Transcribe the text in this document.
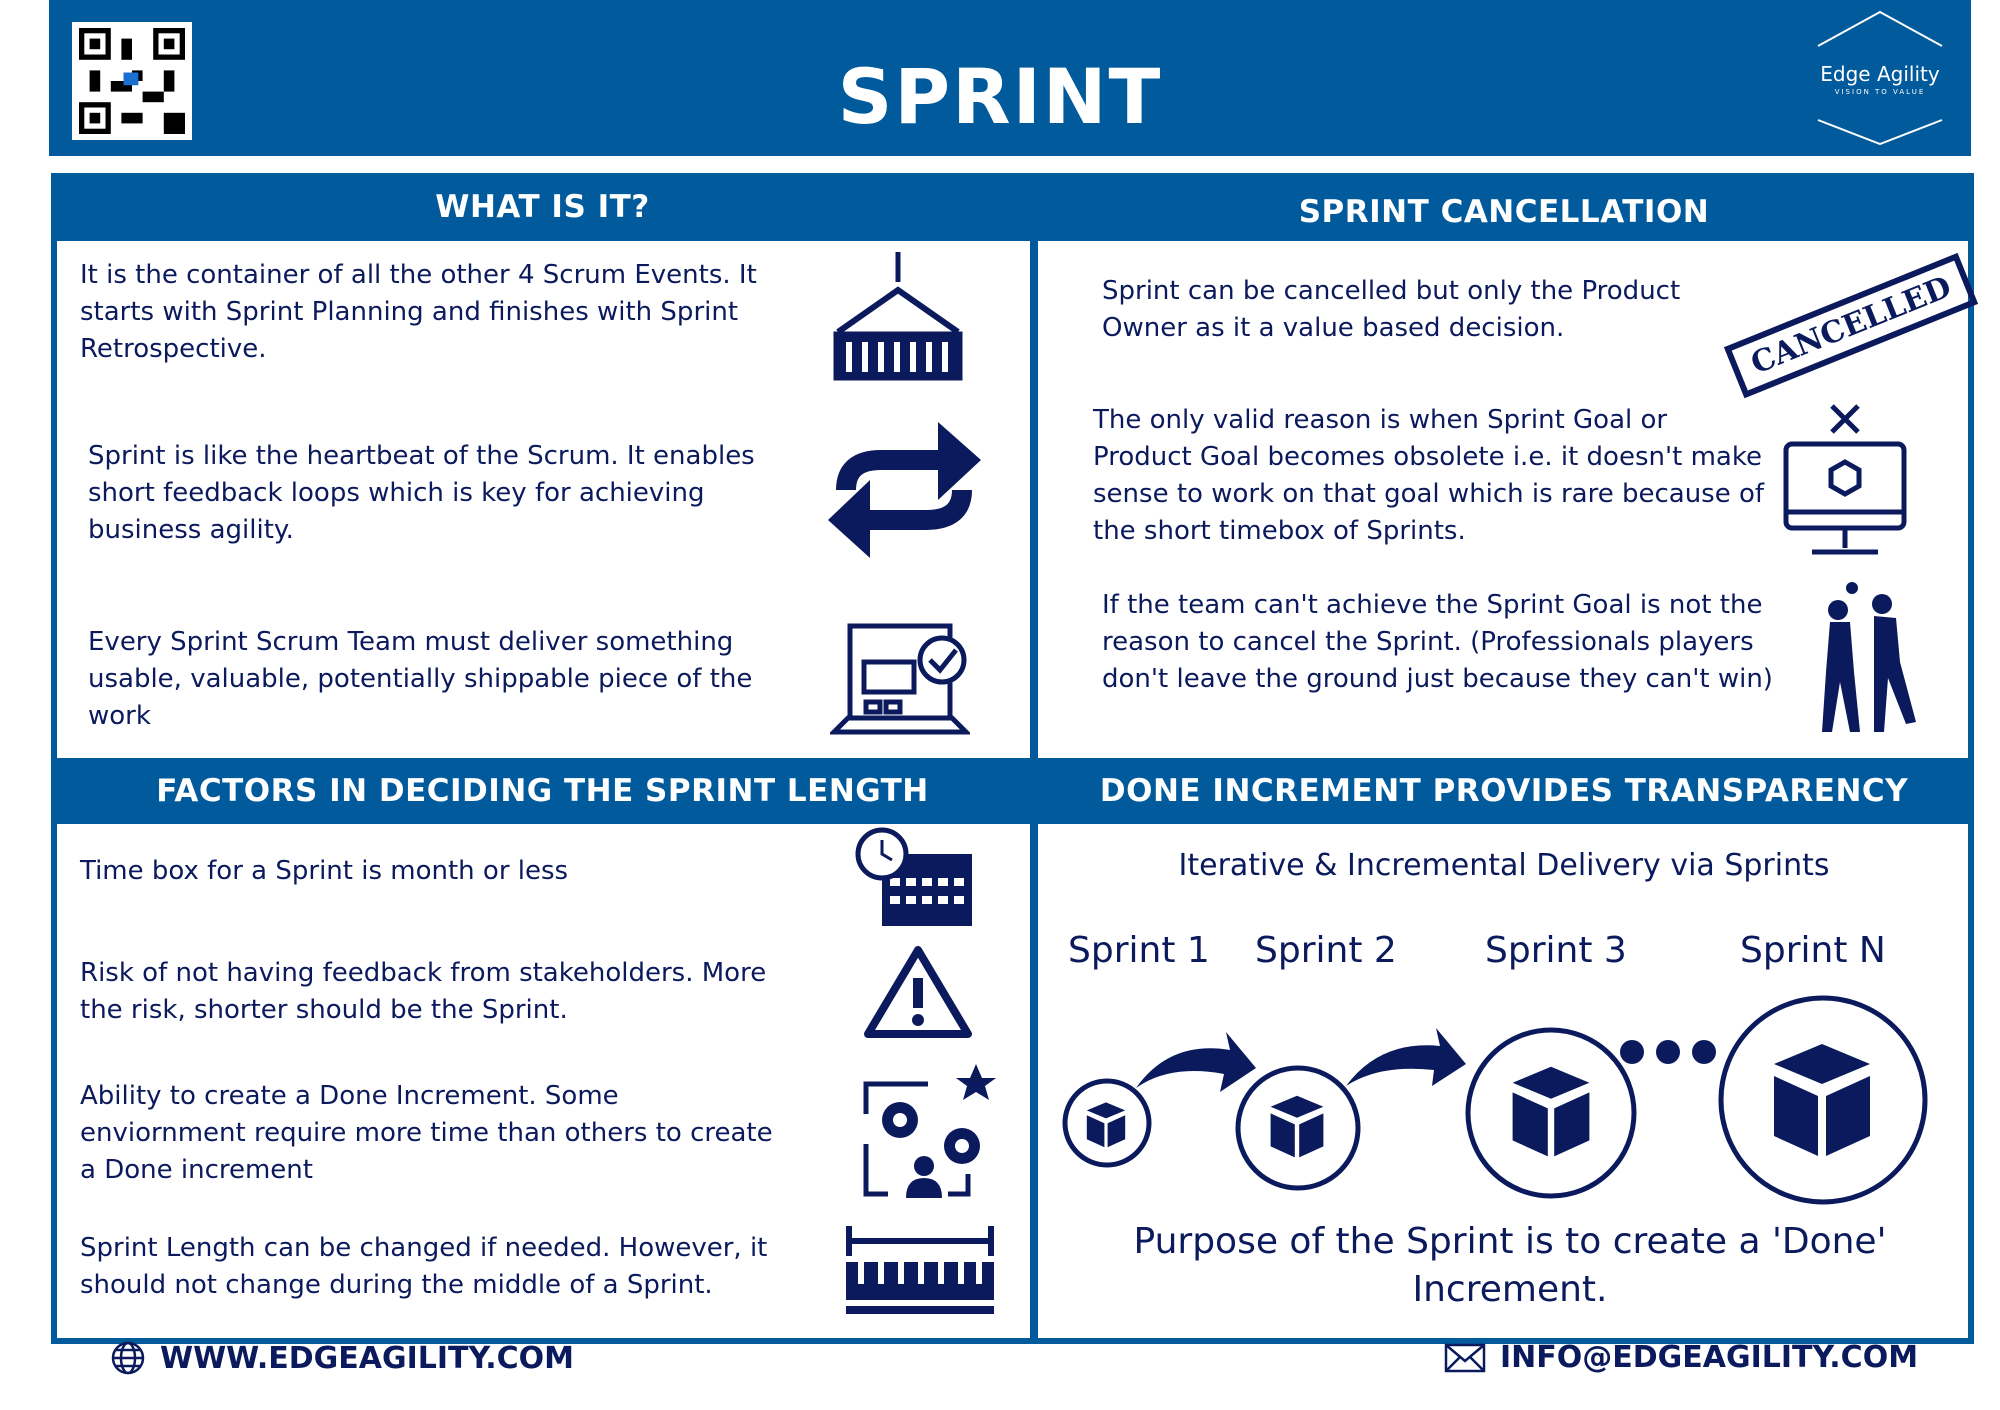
SPRINT	Edge Agility
VISION TO VALUE
WHAT IS IT?	SPRINT CANCELLATION
FACTORS IN DECIDING THE SPRINT LENGTH	DONE INCREMENT PROVIDES TRANSPARENCY
It is the container of all the other 4 Scrum Events. It starts with Sprint Planning and finishes with Sprint Retrospective.
Sprint is like the heartbeat of the Scrum. It enables short feedback loops which is key for achieving business agility.
Every Sprint Scrum Team must deliver something usable, valuable, potentially shippable piece of the work
Sprint can be cancelled but only the Product Owner as it a value based decision.	CANCELLED
The only valid reason is when Sprint Goal or Product Goal becomes obsolete i.e. it doesn't make sense to work on that goal which is rare because of the short timebox of Sprints.
If the team can't achieve the Sprint Goal is not the reason to cancel the Sprint. (Professionals players don't leave the ground just because they can't win)
Time box for a Sprint is month or less
Risk of not having feedback from stakeholders. More the risk, shorter should be the Sprint.
Ability to create a Done Increment. Some enviornment require more time than others to create a Done increment
Sprint Length can be changed if needed. However, it should not change during the middle of a Sprint.
Iterative & Incremental Delivery via Sprints
Sprint 1 Sprint 2 Sprint 3	Sprint N
Purpose of the Sprint is to create a 'Done' Increment.
WWW.EDGEAGILITY.COM	INFO@EDGEAGILITY.COM
